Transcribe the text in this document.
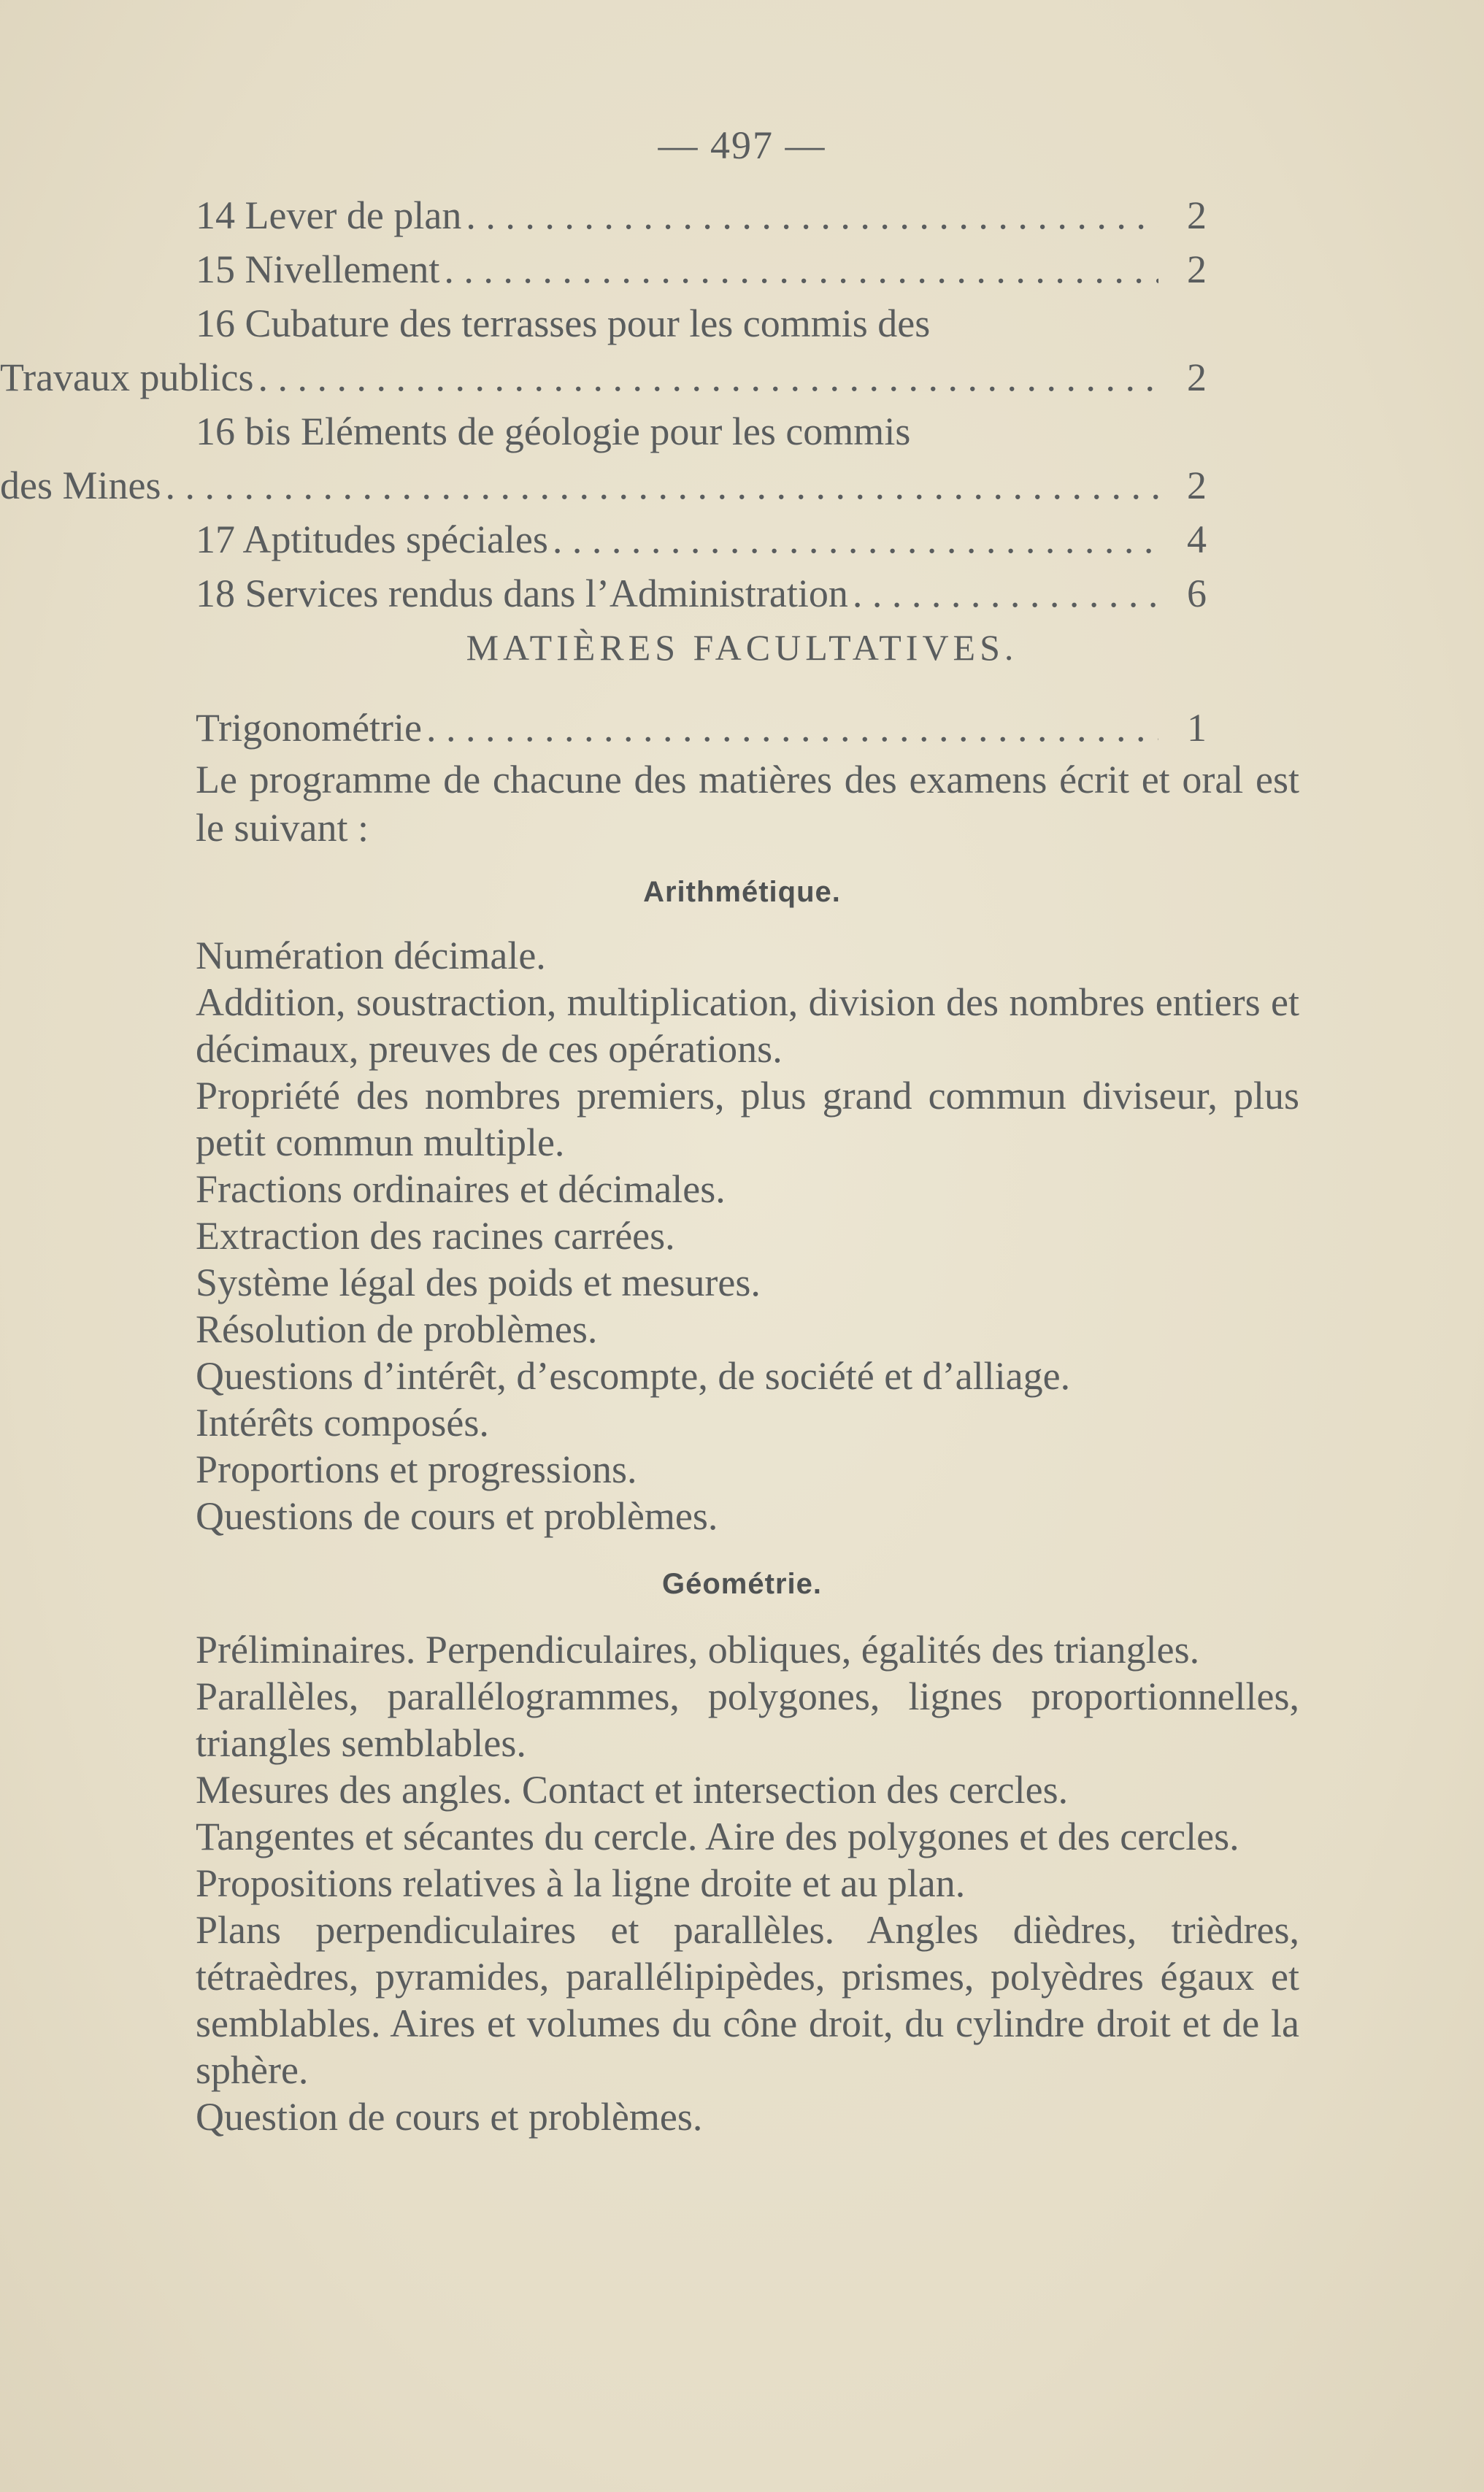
— 497 —
14 Lever de plan . . .	2
15 Nivellement . . .	2
16 Cubature des terrasses pour les commis des
Travaux publics . . .	2
16 bis Eléments de géologie pour les commis
des Mines . . .	2
17 Aptitudes spéciales . . .	4
18 Services rendus dans l’Administration . . .	6
MATIÈRES FACULTATIVES.
Trigonométrie . . .	1

Le programme de chacune des matières des examens écrit et oral est le suivant :

Arithmétique.

Numération décimale.

Addition, soustraction, multiplication, division des nombres entiers et décimaux, preuves de ces opérations.

Propriété des nombres premiers, plus grand commun diviseur, plus petit commun multiple.

Fractions ordinaires et décimales.

Extraction des racines carrées.

Système légal des poids et mesures.

Résolution de problèmes.

Questions d’intérêt, d’escompte, de société et d’alliage.

Intérêts composés.

Proportions et progressions.

Questions de cours et problèmes.

Géométrie.

Préliminaires. Perpendiculaires, obliques, égalités des triangles.

Parallèles, parallélogrammes, polygones, lignes proportionnelles, triangles semblables.

Mesures des angles. Contact et intersection des cercles.

Tangentes et sécantes du cercle. Aire des polygones et des cercles.

Propositions relatives à la ligne droite et au plan.

Plans perpendiculaires et parallèles. Angles dièdres, trièdres, tétraèdres, pyramides, parallélipipèdes, prismes, polyèdres égaux et semblables. Aires et volumes du cône droit, du cylindre droit et de la sphère.

Question de cours et problèmes.
